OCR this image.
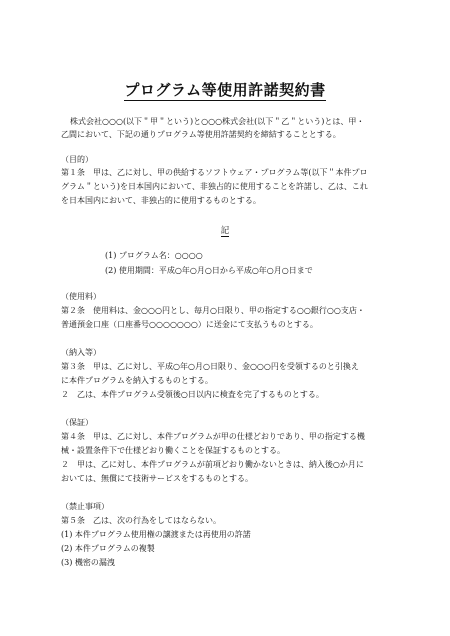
プログラム等使用許諾契約書
株式会社○○○(以下＂甲＂という)と○○○株式会社(以下＂乙＂という)とは、甲・
乙間において、下記の通りプログラム等使用許諾契約を締結することとする。
（目的）
第１条　甲は、乙に対し、甲の供給するソフトウェア・プログラム等(以下＂本件プロ
グラム＂という)を日本国内において、非独占的に使用することを許諾し、乙は、これ
を日本国内において、非独占的に使用するものとする。
記
(1) プログラム名：○○○○
(2) 使用期間：平成○年○月○日から平成○年○月○日まで
（使用料）
第２条　使用料は、金○○○円とし、毎月○日限り、甲の指定する○○銀行○○支店・
普通預金口座（口座番号○○○○○○○）に送金にて支払うものとする。
（納入等）
第３条　甲は、乙に対し、平成○年○月○日限り、金○○○円を受領するのと引換え
に本件プログラムを納入するものとする。
２　乙は、本件プログラム受領後○日以内に検査を完了するものとする。
（保証）
第４条　甲は、乙に対し、本件プログラムが甲の仕様どおりであり、甲の指定する機
械・設置条件下で仕様どおり働くことを保証するものとする。
２　甲は、乙に対し、本件プログラムが前項どおり働かないときは、納入後○か月に
おいては、無償にて技術サービスをするものとする。
（禁止事項）
第５条　乙は、次の行為をしてはならない。
(1) 本件プログラム使用権の譲渡または再使用の許諾
(2) 本件プログラムの複製
(3) 機密の漏洩
